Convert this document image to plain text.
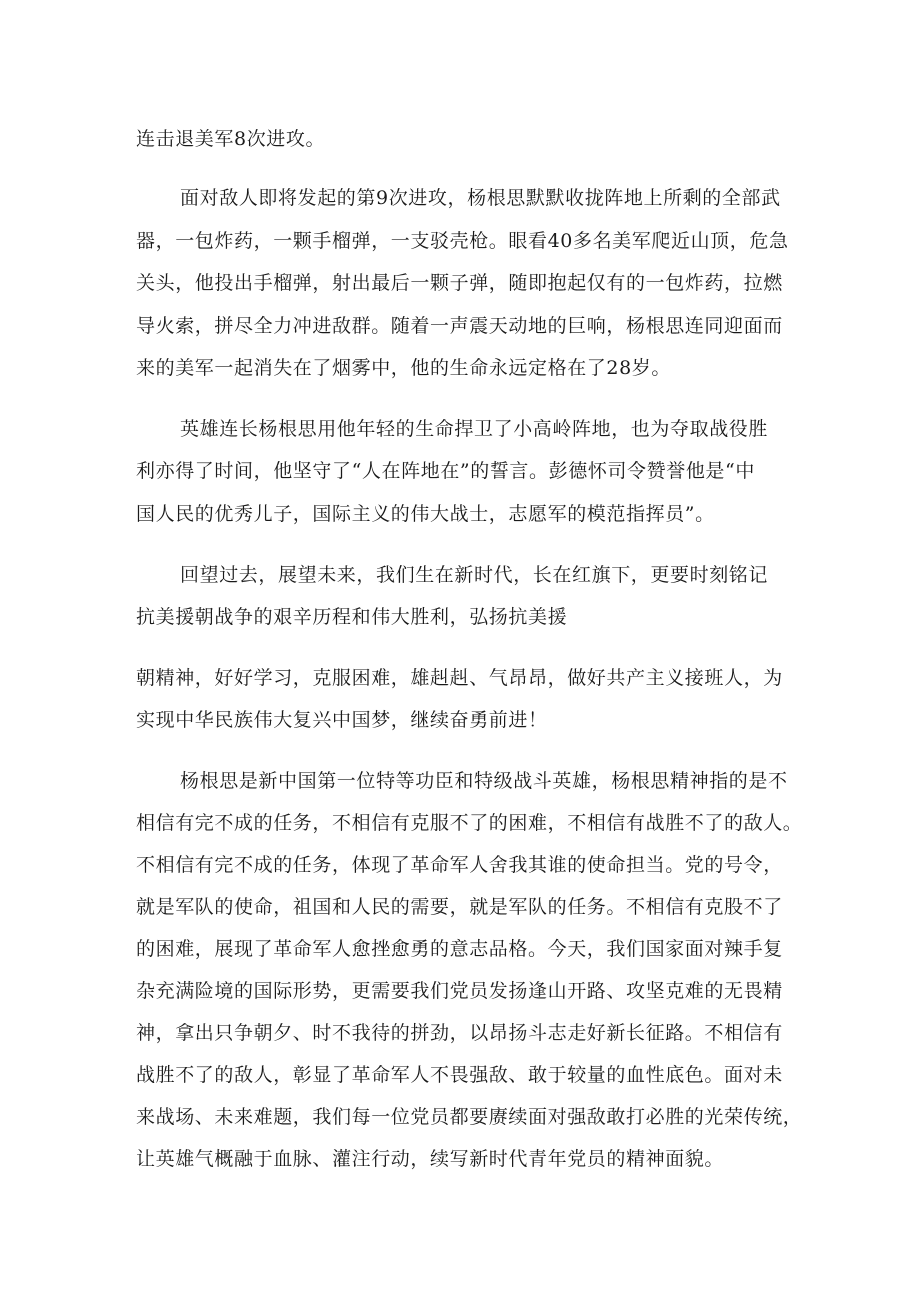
连击退美军8次进攻。
面对敌人即将发起的第9次进攻，杨根思默默收拢阵地上所剩的全部武
器，一包炸药，一颗手榴弹，一支驳壳枪。眼看40多名美军爬近山顶，危急
关头，他投出手榴弹，射出最后一颗子弹，随即抱起仅有的一包炸药，拉燃
导火索，拼尽全力冲进敌群。随着一声震天动地的巨响，杨根思连同迎面而
来的美军一起消失在了烟雾中，他的生命永远定格在了28岁。
英雄连长杨根思用他年轻的生命捍卫了小高岭阵地，也为夺取战役胜
利亦得了时间，他坚守了“人在阵地在”的誓言。彭德怀司令赞誉他是“中
国人民的优秀儿子，国际主义的伟大战士，志愿军的模范指挥员”。
回望过去，展望未来，我们生在新时代，长在红旗下，更要时刻铭记
抗美援朝战争的艰辛历程和伟大胜利，弘扬抗美援
朝精神，好好学习，克服困难，雄赳赳、气昂昂，做好共产主义接班人，为
实现中华民族伟大复兴中国梦，继续奋勇前进！
杨根思是新中国第一位特等功臣和特级战斗英雄，杨根思精神指的是不
相信有完不成的任务，不相信有克服不了的困难，不相信有战胜不了的敌人。
不相信有完不成的任务，体现了革命军人舍我其谁的使命担当。党的号令，
就是军队的使命，祖国和人民的需要，就是军队的任务。不相信有克股不了
的困难，展现了革命军人愈挫愈勇的意志品格。今天，我们国家面对辣手复
杂充满险境的国际形势，更需要我们党员发扬逢山开路、攻坚克难的无畏精
神，拿出只争朝夕、时不我待的拼劲，以昂扬斗志走好新长征路。不相信有
战胜不了的敌人，彰显了革命军人不畏强敌、敢于较量的血性底色。面对未
来战场、未来难题，我们每一位党员都要赓续面对强敌敢打必胜的光荣传统，
让英雄气概融于血脉、灌注行动，续写新时代青年党员的精神面貌。
